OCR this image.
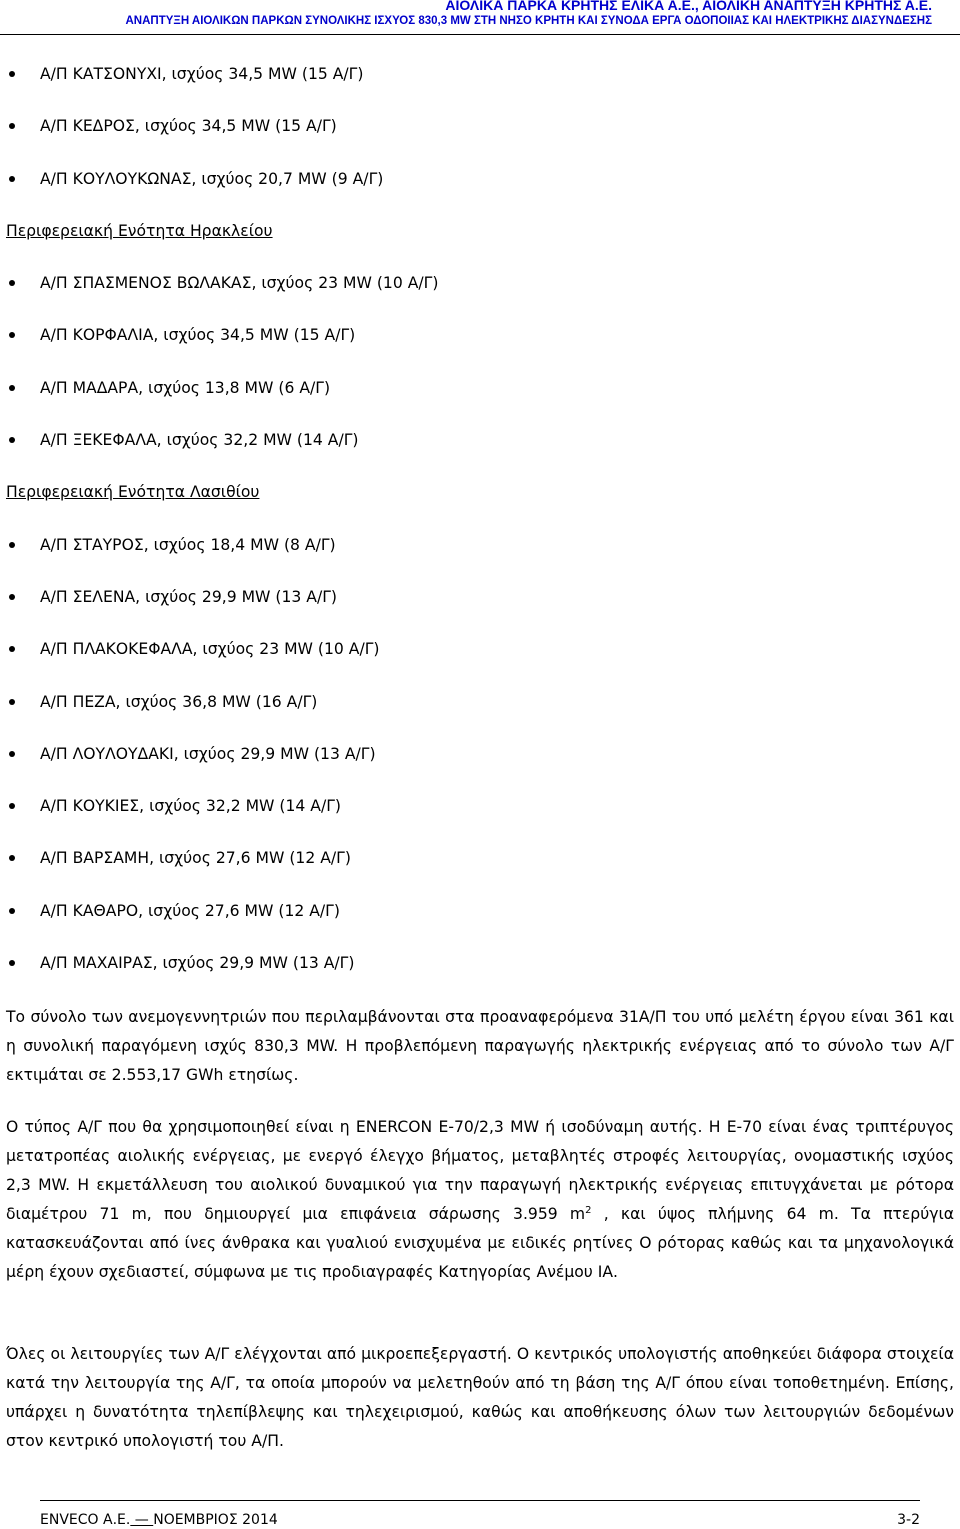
ΑΙΟΛΙΚΑ ΠΑΡΚΑ ΚΡΗΤΗΣ ΕΛΙΚΑ Α.Ε., ΑΙΟΛΙΚΗ ΑΝΑΠΤΥΞΗ ΚΡΗΤΗΣ Α.Ε.
ΑΝΑΠΤΥΞΗ ΑΙΟΛΙΚΩΝ ΠΑΡΚΩΝ ΣΥΝΟΛΙΚΗΣ ΙΣΧΥΟΣ 830,3 MW ΣΤΗ ΝΗΣΟ ΚΡΗΤΗ ΚΑΙ ΣΥΝΟΔΑ ΕΡΓΑ ΟΔΟΠΟΙΙΑΣ ΚΑΙ ΗΛΕΚΤΡΙΚΗΣ ΔΙΑΣΥΝΔΕΣΗΣ
Α/Π ΚΑΤΣΟΝΥΧΙ, ισχύος 34,5 MW (15 Α/Γ)
Α/Π ΚΕΔΡΟΣ, ισχύος 34,5 MW (15 Α/Γ)
Α/Π ΚΟΥΛΟΥΚΩΝΑΣ, ισχύος 20,7 MW (9 Α/Γ)
Περιφερειακή Ενότητα Ηρακλείου
Α/Π ΣΠΑΣΜΕΝΟΣ ΒΩΛΑΚΑΣ, ισχύος 23 MW (10 Α/Γ)
Α/Π ΚΟΡΦΑΛΙΑ, ισχύος 34,5 MW (15 Α/Γ)
Α/Π ΜΑΔΑΡΑ, ισχύος 13,8 MW (6 Α/Γ)
Α/Π ΞΕΚΕΦΑΛΑ, ισχύος 32,2 MW (14 Α/Γ)
Περιφερειακή Ενότητα Λασιθίου
Α/Π ΣΤΑΥΡΟΣ, ισχύος 18,4 MW (8 Α/Γ)
Α/Π ΣΕΛΕΝΑ, ισχύος 29,9 MW (13 Α/Γ)
Α/Π ΠΛΑΚΟΚΕΦΑΛΑ, ισχύος 23 MW (10 Α/Γ)
Α/Π ΠΕΖΑ, ισχύος 36,8 MW (16 Α/Γ)
Α/Π ΛΟΥΛΟΥΔΑΚΙ, ισχύος 29,9 MW (13 Α/Γ)
Α/Π ΚΟΥΚΙΕΣ, ισχύος 32,2 MW (14 Α/Γ)
Α/Π ΒΑΡΣΑΜΗ, ισχύος 27,6 MW (12 Α/Γ)
Α/Π ΚΑΘΑΡΟ, ισχύος 27,6 MW (12 Α/Γ)
Α/Π ΜΑΧΑΙΡΑΣ, ισχύος 29,9 MW (13 Α/Γ)

Το σύνολο των ανεμογεννητριών που περιλαμβάνονται στα προαναφερόμενα 31Α/Π του υπό μελέτη έργου είναι 361 και η συνολική παραγόμενη ισχύς 830,3 MW. Η προβλεπόμενη παραγωγής ηλεκτρικής ενέργειας από το σύνολο των Α/Γ εκτιμάται σε 2.553,17 GWh ετησίως.

Ο τύπος Α/Γ που θα χρησιμοποιηθεί είναι η ENERCON E-70/2,3 MW ή ισοδύναμη αυτής. Η Ε-70 είναι ένας τριπτέρυγος μετατροπέας αιολικής ενέργειας, με ενεργό έλεγχο βήματος, μεταβλητές στροφές λειτουργίας, ονομαστικής ισχύος 2,3 MW. Η εκμετάλλευση του αιολικού δυναμικού για την παραγωγή ηλεκτρικής ενέργειας επιτυγχάνεται με ρότορα διαμέτρου 71 m, που δημιουργεί μια επιφάνεια σάρωσης 3.959 $m^2$ , και ύψος πλήμνης 64 m. Τα πτερύγια κατασκευάζονται από ίνες άνθρακα και γυαλιού ενισχυμένα με ειδικές ρητίνες Ο ρότορας καθώς και τα μηχανολογικά μέρη έχουν σχεδιαστεί, σύμφωνα με τις προδιαγραφές Κατηγορίας Ανέμου ΙΑ.

Όλες οι λειτουργίες των Α/Γ ελέγχονται από μικροεπεξεργαστή. Ο κεντρικός υπολογιστής αποθηκεύει διάφορα στοιχεία κατά την λειτουργία της Α/Γ, τα οποία μπορούν να μελετηθούν από τη βάση της Α/Γ όπου είναι τοποθετημένη. Επίσης, υπάρχει η δυνατότητα τηλεπίβλεψης και τηλεχειρισμού, καθώς και αποθήκευσης όλων των λειτουργιών δεδομένων στον κεντρικό υπολογιστή του Α/Π.

ENVECO Α.Ε. — ΝΟΕΜΒΡΙΟΣ 2014	3-2
